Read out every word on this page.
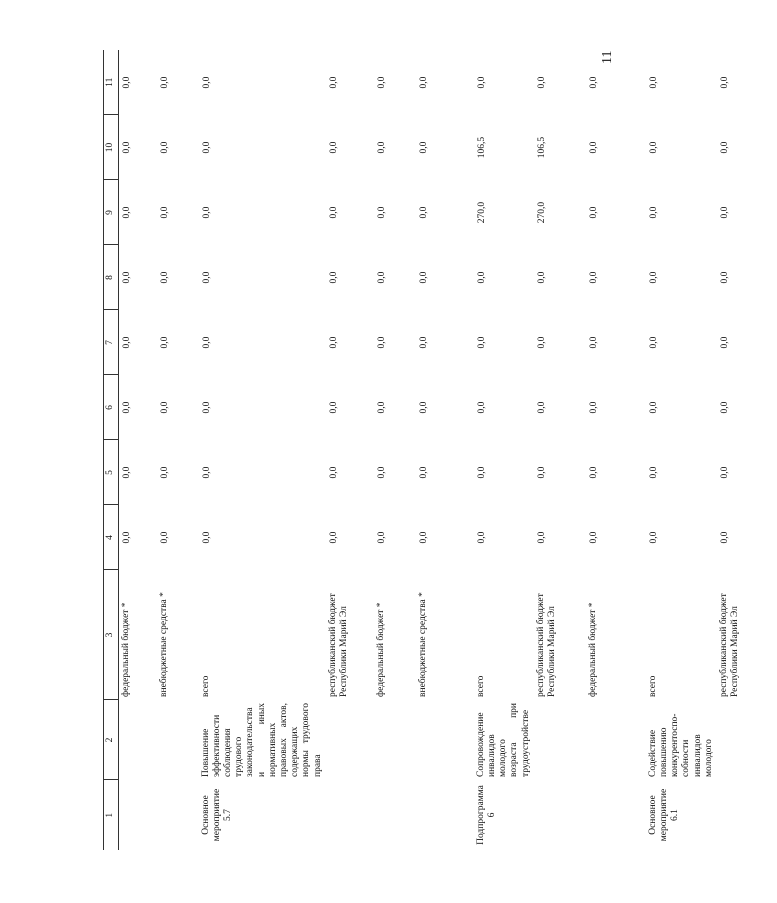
11
1	2	3	4	5	6	7	8	9	10	11
		федеральный бюджет *	0,0	0,0	0,0	0,0	0,0	0,0	0,0	0,0
		внебюджетные средства *	0,0	0,0	0,0	0,0	0,0	0,0	0,0	0,0
Основное мероприятие 5.7	Повышение эффективности соблюдения трудового законодательства и иных нормативных правовых актов, содержащих нормы трудового права	всего	0,0	0,0	0,0	0,0	0,0	0,0	0,0	0,0
		республиканский бюджет Республики Марий Эл	0,0	0,0	0,0	0,0	0,0	0,0	0,0	0,0
		федеральный бюджет *	0,0	0,0	0,0	0,0	0,0	0,0	0,0	0,0
		внебюджетные средства *	0,0	0,0	0,0	0,0	0,0	0,0	0,0	0,0
Подпрограмма 6	Сопровождение инвалидов молодого возраста при трудоустройстве	всего	0,0	0,0	0,0	0,0	0,0	270,0	106,5	0,0
		республиканский бюджет Республики Марий Эл	0,0	0,0	0,0	0,0	0,0	270,0	106,5	0,0
		федеральный бюджет *	0,0	0,0	0,0	0,0	0,0	0,0	0,0	0,0
Основное мероприятие 6.1	Содействие повышению конкурентоспо-собности инвалидов молодого	всего	0,0	0,0	0,0	0,0	0,0	0,0	0,0	0,0
		республиканский бюджет Республики Марий Эл	0,0	0,0	0,0	0,0	0,0	0,0	0,0	0,0
